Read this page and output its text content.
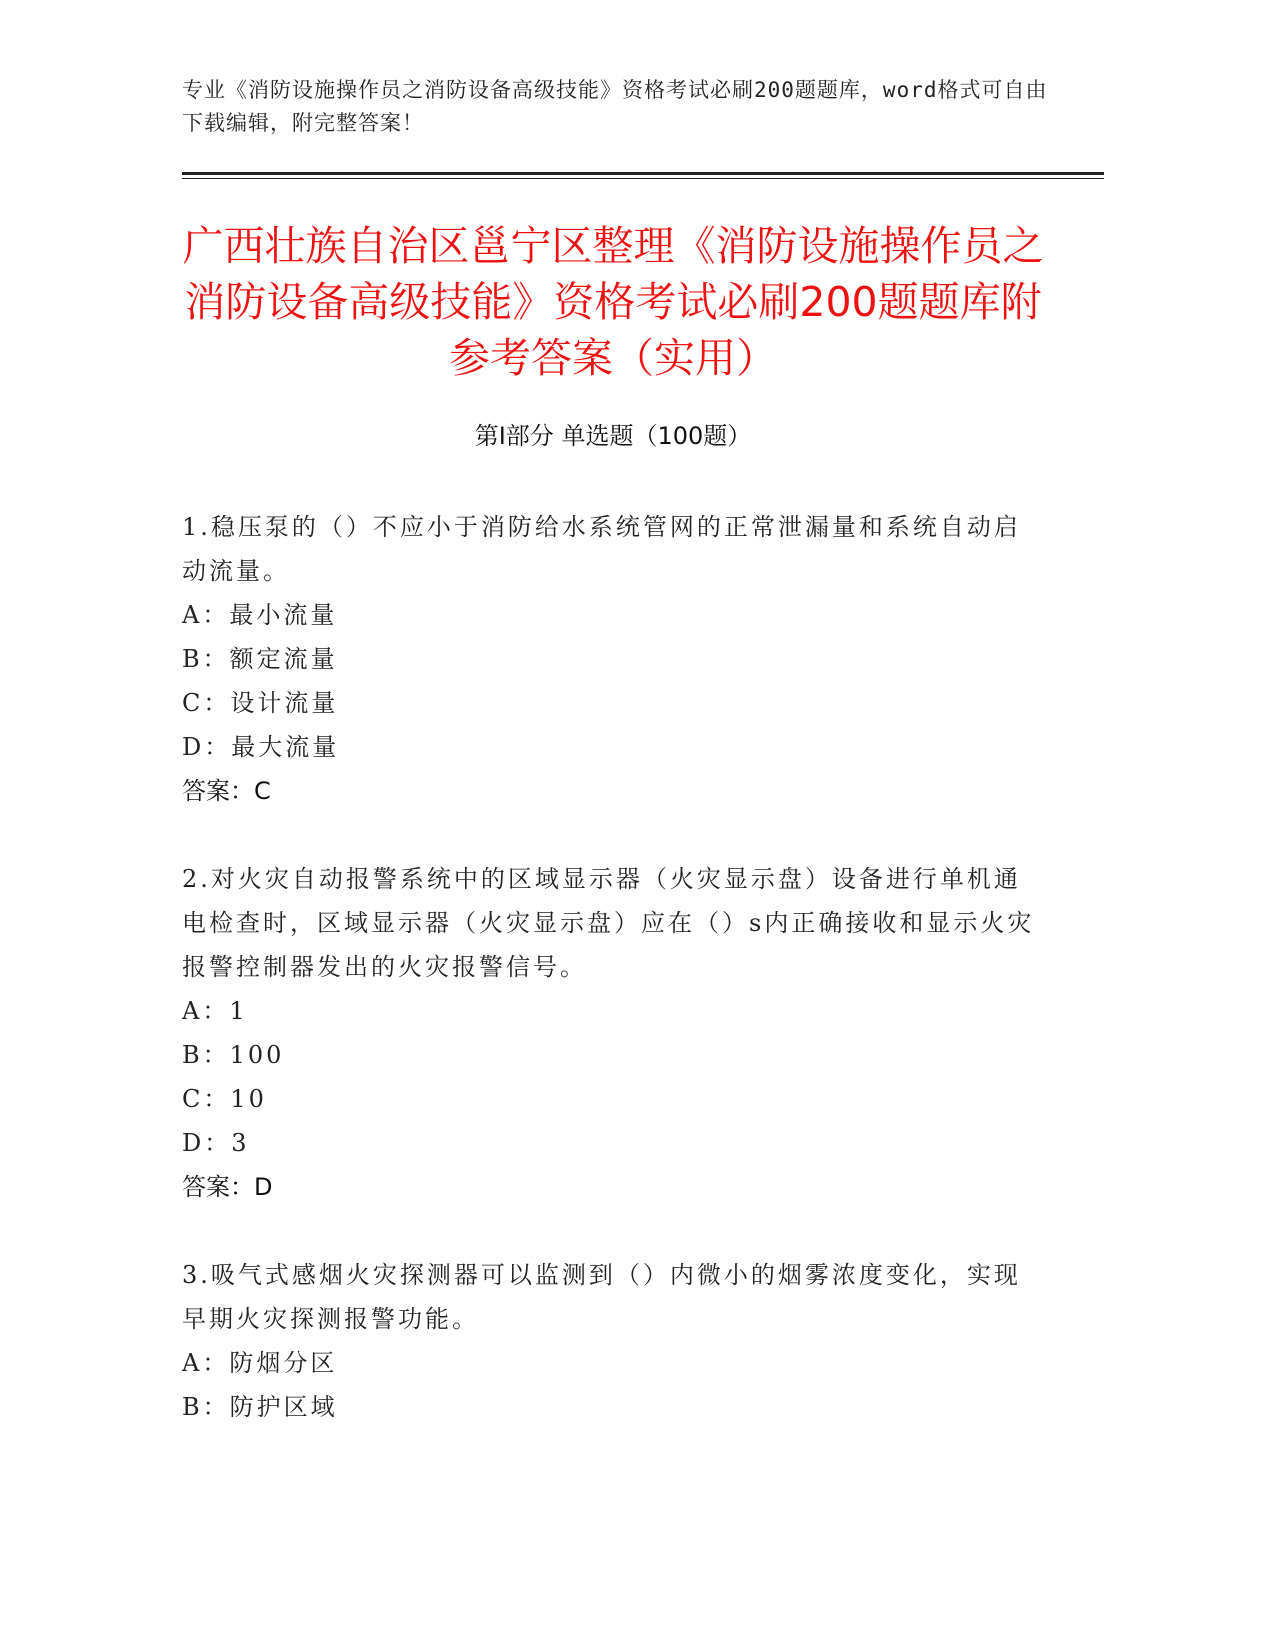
专业《消防设施操作员之消防设备高级技能》资格考试必刷200题题库，word格式可自由下载编辑，附完整答案！
广西壮族自治区邕宁区整理《消防设施操作员之消防设备高级技能》资格考试必刷200题题库附参考答案（实用）
第Ⅰ部分 单选题（100题）

1.稳压泵的（）不应小于消防给水系统管网的正常泄漏量和系统自动启动流量。

A：最小流量

B：额定流量

C：设计流量

D：最大流量

答案：C

2.对火灾自动报警系统中的区域显示器（火灾显示盘）设备进行单机通电检查时，区域显示器（火灾显示盘）应在（）s内正确接收和显示火灾报警控制器发出的火灾报警信号。

A：1

B：100

C：10

D：3

答案：D

3.吸气式感烟火灾探测器可以监测到（）内微小的烟雾浓度变化，实现早期火灾探测报警功能。

A：防烟分区

B：防护区域
